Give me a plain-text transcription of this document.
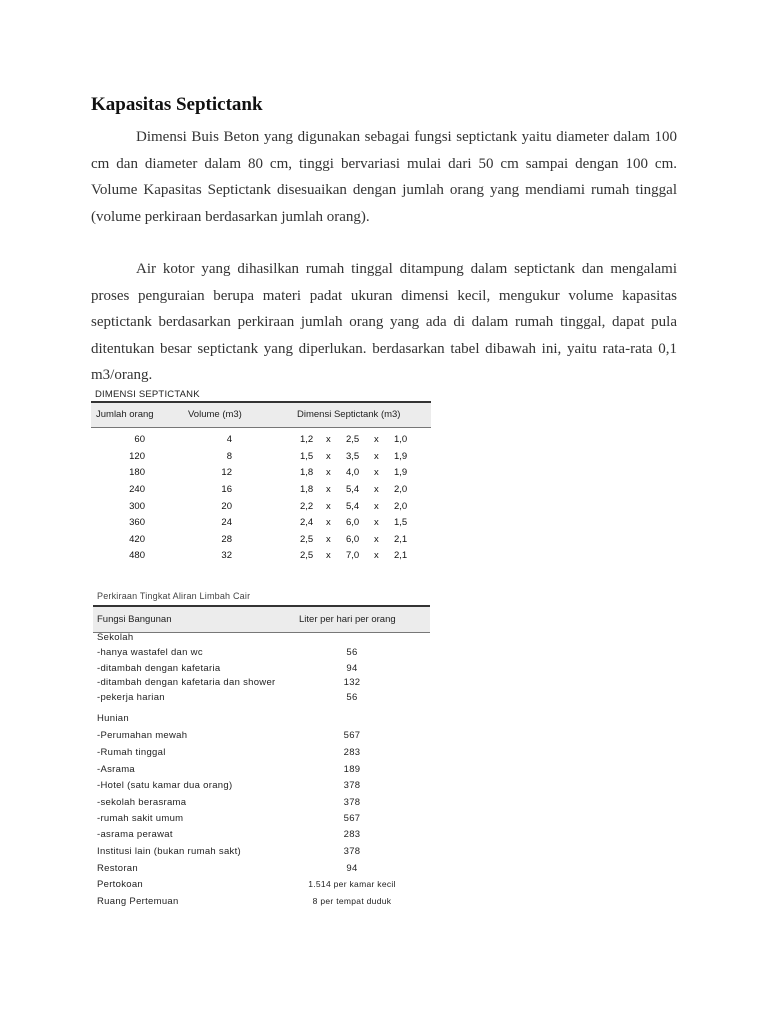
Kapasitas Septictank

Dimensi Buis Beton yang digunakan sebagai fungsi septictank yaitu diameter dalam 100 cm dan diameter dalam 80 cm, tinggi bervariasi mulai dari 50 cm sampai dengan 100 cm. Volume Kapasitas Septictank disesuaikan dengan jumlah orang yang mendiami rumah tinggal (volume perkiraan berdasarkan jumlah orang).

Air kotor yang dihasilkan rumah tinggal ditampung dalam septictank dan mengalami proses penguraian berupa materi padat ukuran dimensi kecil, mengukur volume kapasitas septictank berdasarkan perkiraan jumlah orang yang ada di dalam rumah tinggal, dapat pula ditentukan besar septictank yang diperlukan. berdasarkan tabel dibawah ini, yaitu rata-rata 0,1 m3/orang.

DIMENSI SEPTICTANK
Jumlah orang	Volume (m3)	Dimensi Septictank (m3)
60	4	1,2 x 2,5 x 1,0
120	8	1,5 x 3,5 x 1,9
180	12	1,8 x 4,0 x 1,9
240	16	1,8 x 5,4 x 2,0
300	20	2,2 x 5,4 x 2,0
360	24	2,4 x 6,0 x 1,5
420	28	2,5 x 6,0 x 2,1
480	32	2,5 x 7,0 x 2,1
Perkiraan Tingkat Aliran Limbah Cair
Fungsi Bangunan	Liter per hari per orang
Sekolah
-hanya wastafel dan wc	56
-ditambah dengan kafetaria	94
-ditambah dengan kafetaria dan shower	132
-pekerja harian	56
Hunian
-Perumahan mewah	567
-Rumah tinggal	283
-Asrama	189
-Hotel (satu kamar dua orang)	378
-sekolah berasrama	378
-rumah sakit umum	567
-asrama perawat	283
Institusi lain (bukan rumah sakt)	378
Restoran	94
Pertokoan	1.514 per kamar kecil
Ruang Pertemuan	8 per tempat duduk
